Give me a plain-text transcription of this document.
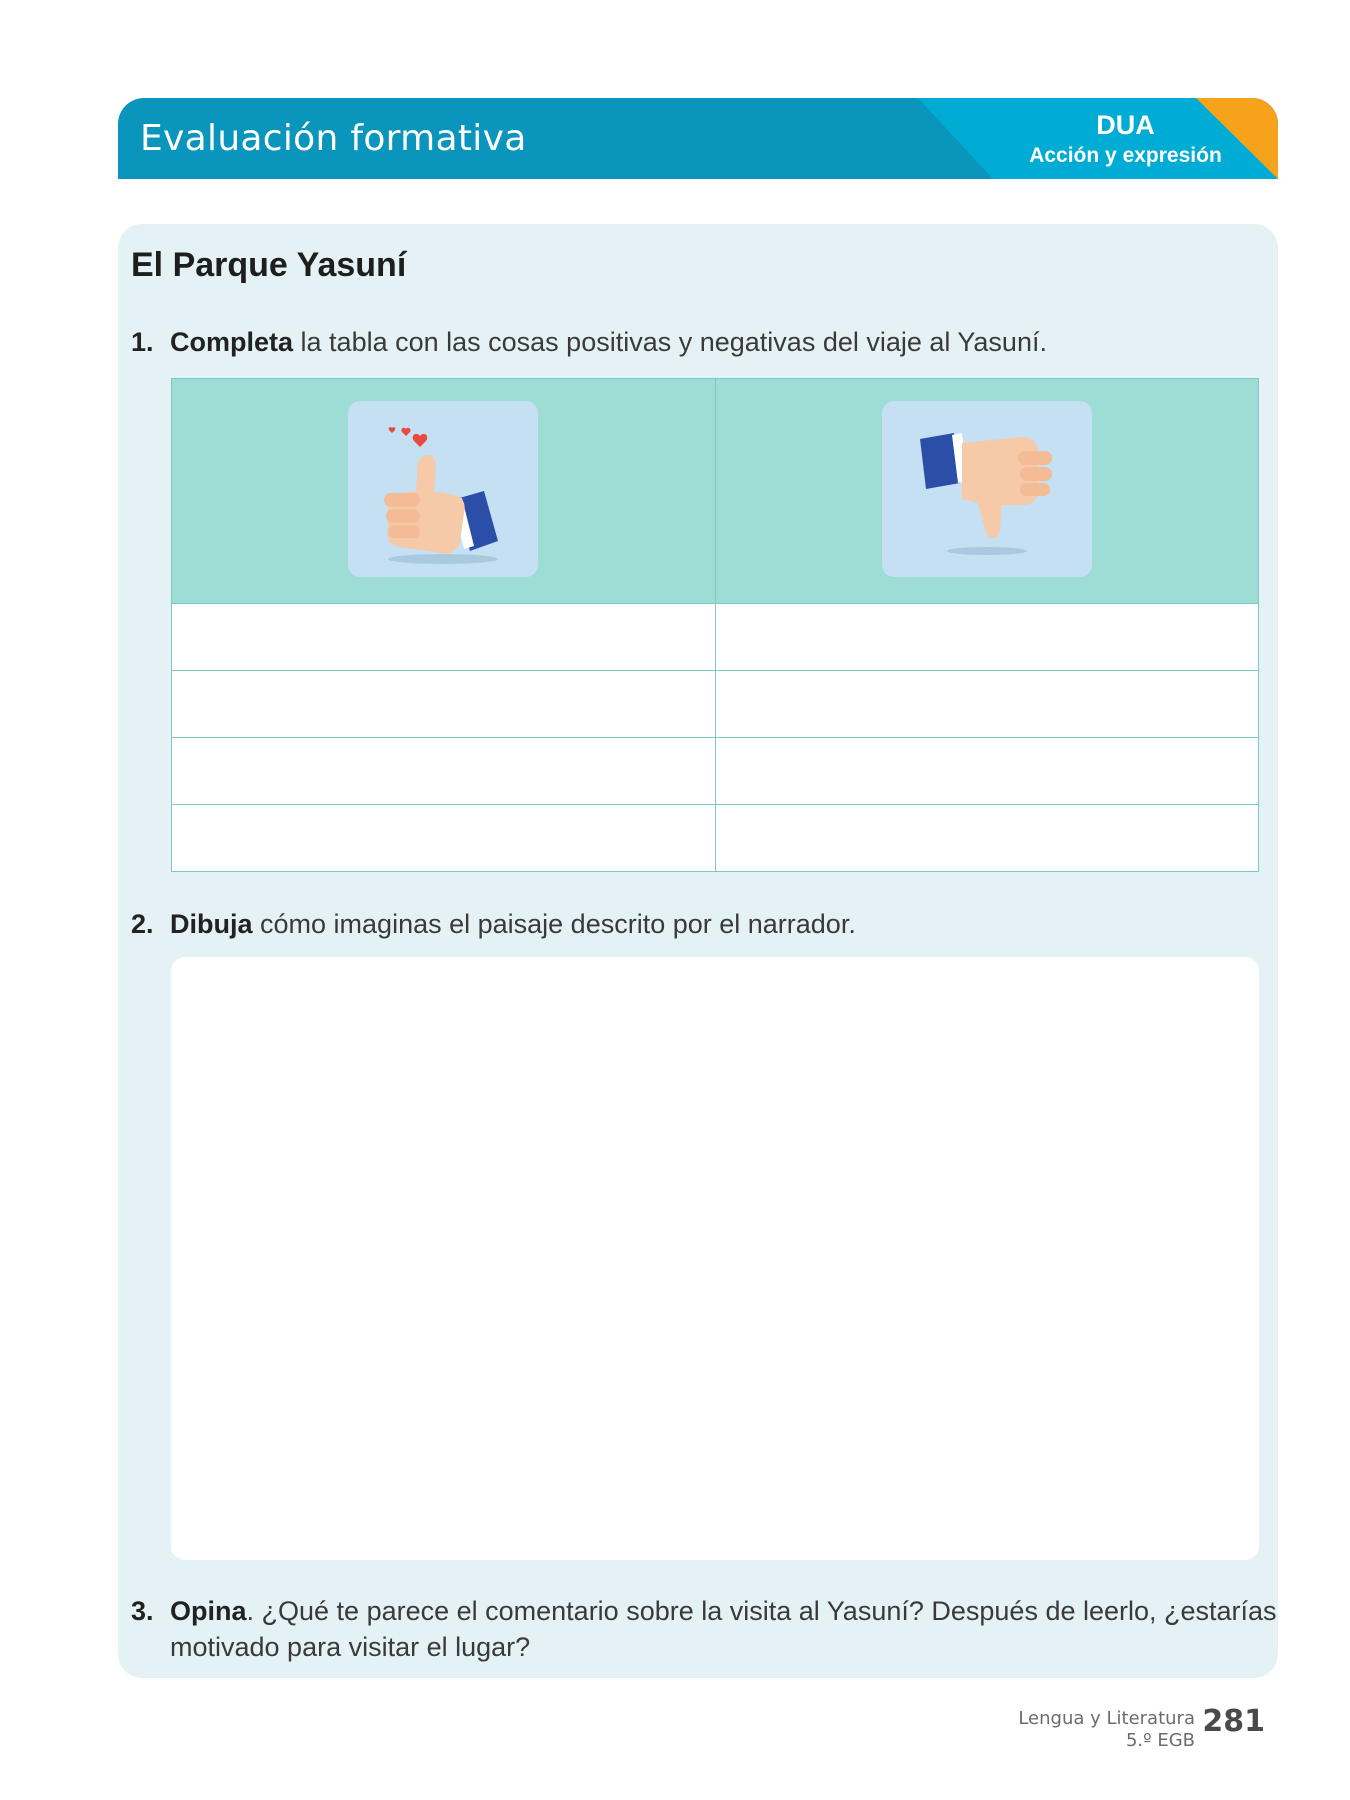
Evaluación formativa	DUA
Acción y expresión
El Parque Yasuní
1. Completa la tabla con las cosas positivas y negativas del viaje al Yasuní.

2. Dibuja cómo imaginas el paisaje descrito por el narrador.
3. Opina. ¿Qué te parece el comentario sobre la visita al Yasuní? Después de leerlo, ¿estarías
motivado para visitar el lugar?
Lengua y Literatura
5.º EGB
281
